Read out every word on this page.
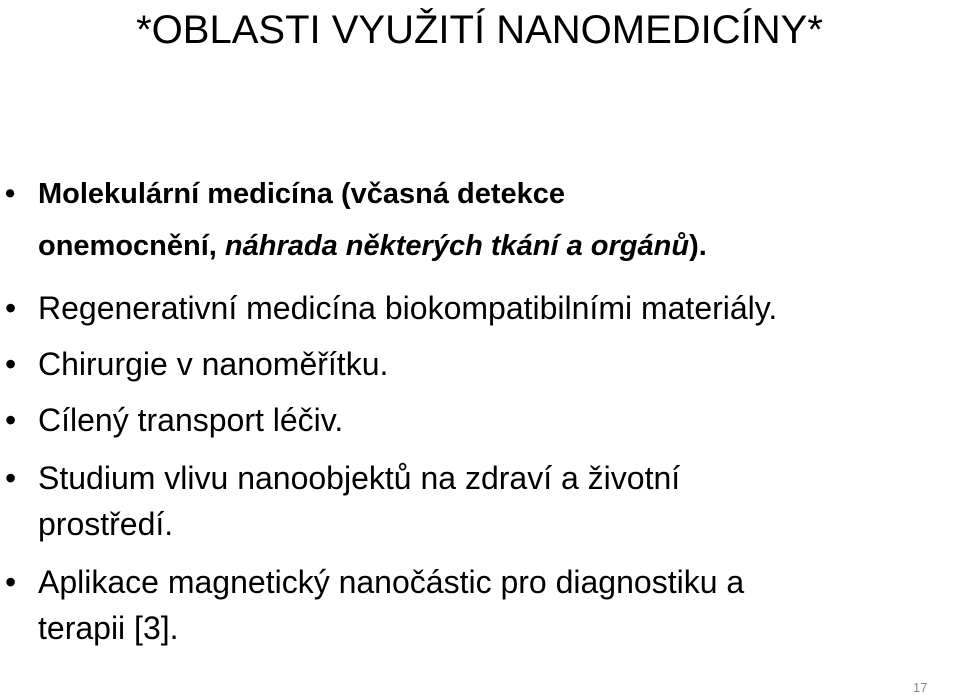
*OBLASTI VYUŽITÍ NANOMEDICÍNY*
• Molekulární medicína (včasná detekce
onemocnění, náhrada některých tkání a orgánů).
• Regenerativní medicína biokompatibilními materiály.
• Chirurgie v nanoměřítku.
• Cílený transport léčiv.
• Studium vlivu nanoobjektů na zdraví a životní
prostředí.
• Aplikace magnetický nanočástic pro diagnostiku a
terapii [3].
17
